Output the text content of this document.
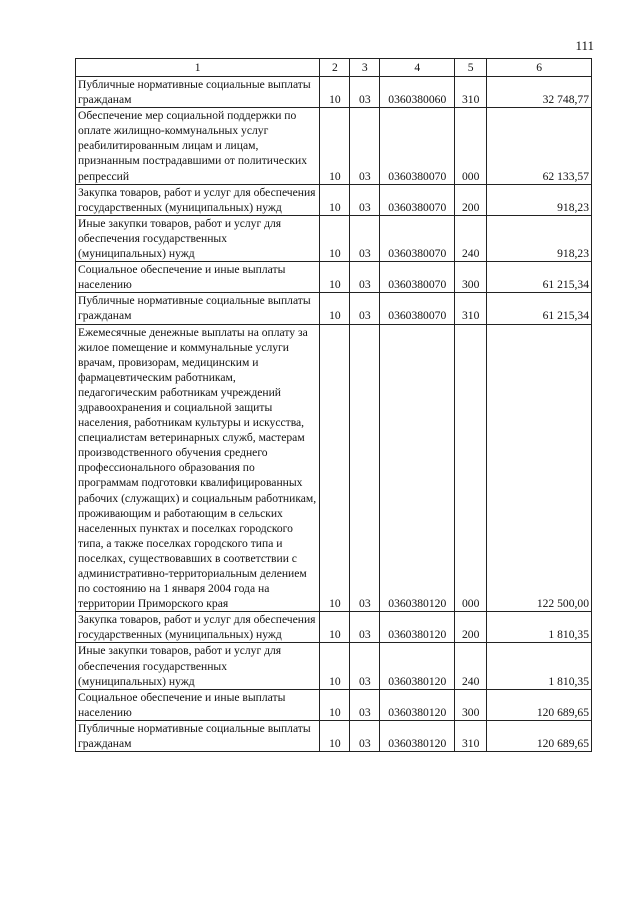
111
1	2	3	4	5	6
Публичные нормативные социальные выплаты гражданам	10	03	0360380060	310	32 748,77
Обеспечение мер социальной поддержки по оплате жилищно-коммунальных услуг реабилитированным лицам и лицам, признанным пострадавшими от политических репрессий	10	03	0360380070	000	62 133,57
Закупка товаров, работ и услуг для обеспечения государственных (муниципальных) нужд	10	03	0360380070	200	918,23
Иные закупки товаров, работ и услуг для обеспечения государственных (муниципальных) нужд	10	03	0360380070	240	918,23
Социальное обеспечение и иные выплаты населению	10	03	0360380070	300	61 215,34
Публичные нормативные социальные выплаты гражданам	10	03	0360380070	310	61 215,34
Ежемесячные денежные выплаты на оплату за жилое помещение и коммунальные услуги врачам, провизорам, медицинским и фармацевтическим работникам, педагогическим работникам учреждений здравоохранения и социальной защиты населения, работникам культуры и искусства, специалистам ветеринарных служб, мастерам производственного обучения среднего профессионального образования по программам подготовки квалифицированных рабочих (служащих) и социальным работникам, проживающим и работающим в сельских населенных пунктах и поселках городского типа, а также поселках городского типа и поселках, существовавших в соответствии с административно-территориальным делением по состоянию на 1 января 2004 года на территории Приморского края	10	03	0360380120	000	122 500,00
Закупка товаров, работ и услуг для обеспечения государственных (муниципальных) нужд	10	03	0360380120	200	1 810,35
Иные закупки товаров, работ и услуг для обеспечения государственных (муниципальных) нужд	10	03	0360380120	240	1 810,35
Социальное обеспечение и иные выплаты населению	10	03	0360380120	300	120 689,65
Публичные нормативные социальные выплаты гражданам	10	03	0360380120	310	120 689,65
